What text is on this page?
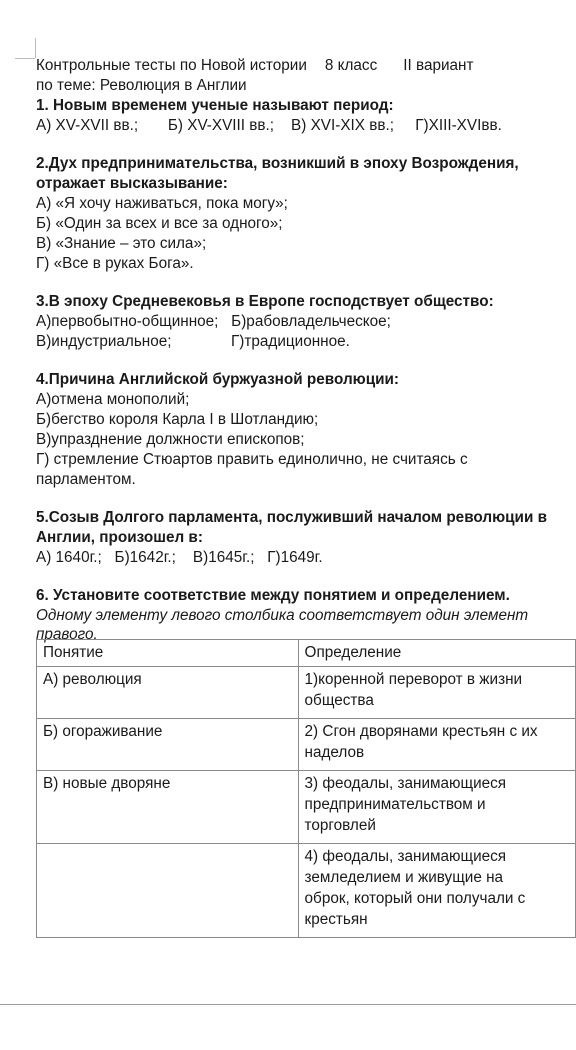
Контрольные тесты по Новой истории 8 класс II вариант
по теме: Революция в Англии
1. Новым временем ученые называют период:
А) XV-XVII вв.;       Б) XV-XVIII вв.;    В) XVI-XIX вв.;     Г)XIII-XVIвв.
2.Дух предпринимательства, возникший в эпоху Возрождения,
отражает высказывание:
А) «Я хочу наживаться, пока могу»;
Б) «Один за всех и все за одного»;
В) «Знание – это сила»;
Г) «Все в руках Бога».
3.В эпоху Средневековья в Европе господствует общество:
А)первобытно-общинное;   Б)рабовладельческое;
В)индустриальное;              Г)традиционное.
4.Причина Английской буржуазной революции:
А)отмена монополий;
Б)бегство короля Карла I в Шотландию;
В)упразднение должности епископов;
Г) стремление Стюартов править единолично, не считаясь с
парламентом.
5.Созыв Долгого парламента, послуживший началом революции в
Англии, произошел в:
А) 1640г.;   Б)1642г.;    В)1645г.;   Г)1649г.
6. Установите соответствие между понятием и определением.
Одному элементу левого столбика соответствует один элемент
правого.
Понятие	Определение
А) революция	1)коренной переворот в жизни
общества

Б) огораживание	2) Сгон дворянами крестьян с их
наделов

В) новые дворяне	3) феодалы, занимающиеся
предпринимательством и
торговлей

	4) феодалы, занимающиеся
земледелием и живущие на
оброк, который они получали с
крестьян
